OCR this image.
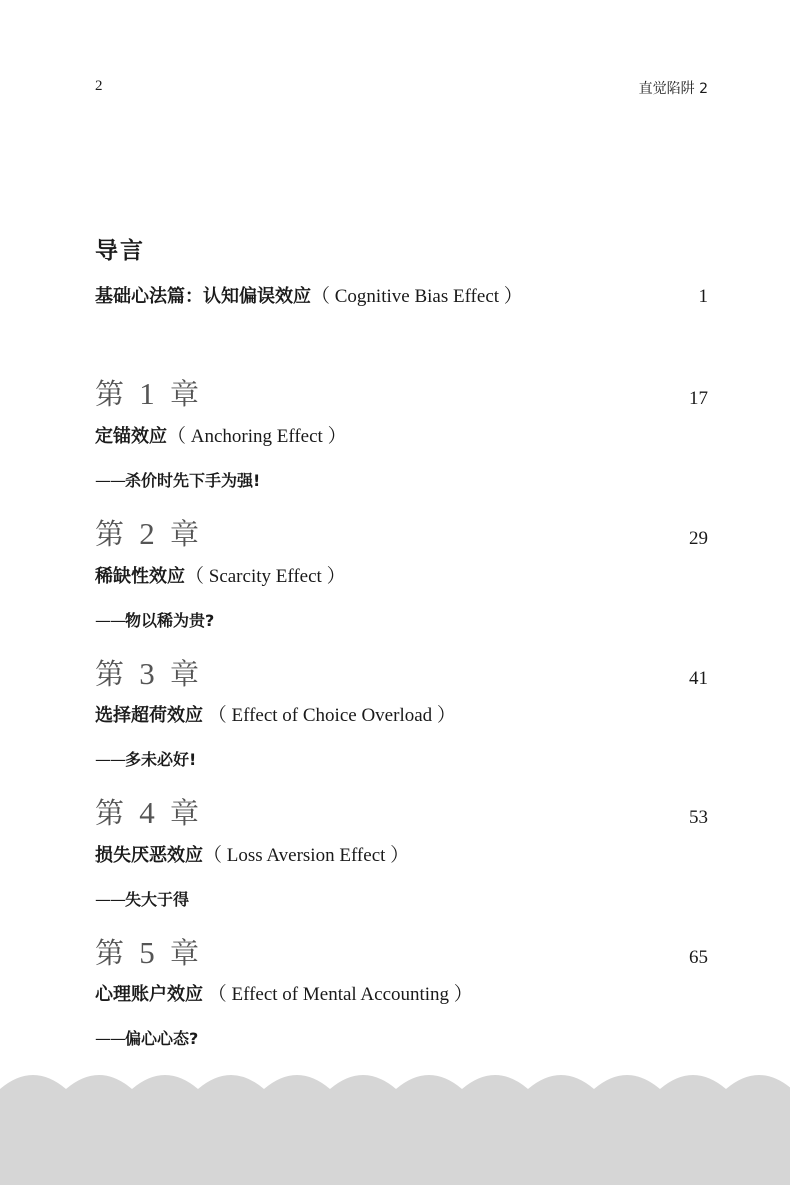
2	直觉陷阱 2
导言
基础心法篇：认知偏误效应（ Cognitive Bias Effect ）	1
第 1 章	17
定锚效应（ Anchoring Effect ）
——杀价时先下手为强!
第 2 章	29
稀缺性效应（ Scarcity Effect ）
——物以稀为贵?
第 3 章	41
选择超荷效应 （ Effect of Choice Overload ）
——多未必好!
第 4 章	53
损失厌恶效应（ Loss Aversion Effect ）
——失大于得
第 5 章	65
心理账户效应 （ Effect of Mental Accounting ）
——偏心心态?
